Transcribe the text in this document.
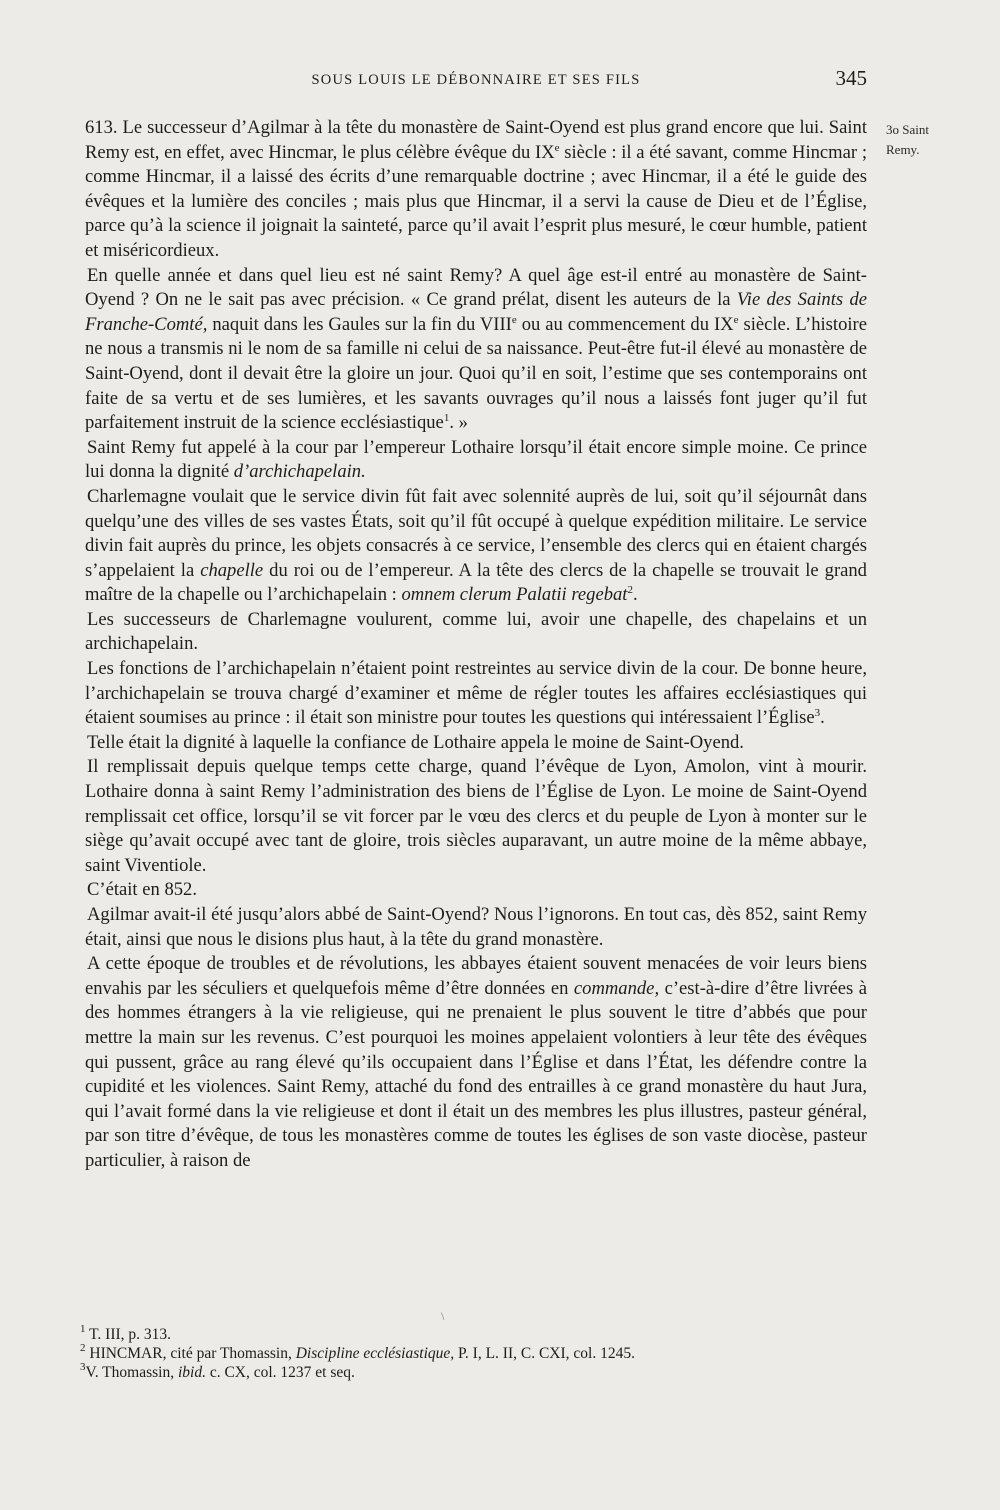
SOUS LOUIS LE DÉBONNAIRE ET SES FILS	345
3o Saint
Remy.

613. Le successeur d’Agilmar à la tête du monastère de Saint-Oyend est plus grand encore que lui. Saint Remy est, en effet, avec Hincmar, le plus célèbre évêque du IXe siècle : il a été savant, comme Hincmar ; comme Hincmar, il a laissé des écrits d’une remarquable doctrine ; avec Hincmar, il a été le guide des évêques et la lumière des conciles ; mais plus que Hincmar, il a servi la cause de Dieu et de l’Église, parce qu’à la science il joignait la sainteté, parce qu’il avait l’esprit plus mesuré, le cœur humble, patient et miséricordieux.

En quelle année et dans quel lieu est né saint Remy? A quel âge est-il entré au monastère de Saint-Oyend ? On ne le sait pas avec précision. « Ce grand prélat, disent les auteurs de la Vie des Saints de Franche-Comté, naquit dans les Gaules sur la fin du VIIIe ou au commencement du IXe siècle. L’histoire ne nous a transmis ni le nom de sa famille ni celui de sa naissance. Peut-être fut-il élevé au monastère de Saint-Oyend, dont il devait être la gloire un jour. Quoi qu’il en soit, l’estime que ses contemporains ont faite de sa vertu et de ses lumières, et les savants ouvrages qu’il nous a laissés font juger qu’il fut parfaitement instruit de la science ecclésiastique$^1$. »

Saint Remy fut appelé à la cour par l’empereur Lothaire lorsqu’il était encore simple moine. Ce prince lui donna la dignité d’archichapelain.

Charlemagne voulait que le service divin fût fait avec solennité auprès de lui, soit qu’il séjournât dans quelqu’une des villes de ses vastes États, soit qu’il fût occupé à quelque expédition militaire. Le service divin fait auprès du prince, les objets consacrés à ce service, l’ensemble des clercs qui en étaient chargés s’appelaient la chapelle du roi ou de l’empereur. A la tête des clercs de la chapelle se trouvait le grand maître de la chapelle ou l’archichapelain : omnem clerum Palatii regebat$^2$.

Les successeurs de Charlemagne voulurent, comme lui, avoir une chapelle, des chapelains et un archichapelain.

Les fonctions de l’archichapelain n’étaient point restreintes au service divin de la cour. De bonne heure, l’archichapelain se trouva chargé d’examiner et même de régler toutes les affaires ecclésiastiques qui étaient soumises au prince : il était son ministre pour toutes les questions qui intéressaient l’Église$^3$.

Telle était la dignité à laquelle la confiance de Lothaire appela le moine de Saint-Oyend.

Il remplissait depuis quelque temps cette charge, quand l’évêque de Lyon, Amolon, vint à mourir. Lothaire donna à saint Remy l’administration des biens de l’Église de Lyon. Le moine de Saint-Oyend remplissait cet office, lorsqu’il se vit forcer par le vœu des clercs et du peuple de Lyon à monter sur le siège qu’avait occupé avec tant de gloire, trois siècles auparavant, un autre moine de la même abbaye, saint Viventiole.

C’était en 852.

Agilmar avait-il été jusqu’alors abbé de Saint-Oyend? Nous l’ignorons. En tout cas, dès 852, saint Remy était, ainsi que nous le disions plus haut, à la tête du grand monastère.

A cette époque de troubles et de révolutions, les abbayes étaient souvent menacées de voir leurs biens envahis par les séculiers et quelquefois même d’être données en commande, c’est-à-dire d’être livrées à des hommes étrangers à la vie religieuse, qui ne prenaient le plus souvent le titre d’abbés que pour mettre la main sur les revenus. C’est pourquoi les moines appelaient volontiers à leur tête des évêques qui pussent, grâce au rang élevé qu’ils occupaient dans l’Église et dans l’État, les défendre contre la cupidité et les violences. Saint Remy, attaché du fond des entrailles à ce grand monastère du haut Jura, qui l’avait formé dans la vie religieuse et dont il était un des membres les plus illustres, pasteur général, par son titre d’évêque, de tous les monastères comme de toutes les églises de son vaste diocèse, pasteur particulier, à raison de

\
$^1$ T. III, p. 313.
$^2$ HINCMAR, cité par Thomassin, Discipline ecclésiastique, P. I, L. II, C. CXI, col. 1245.
$^3$V. Thomassin, ibid. c. CX, col. 1237 et seq.
